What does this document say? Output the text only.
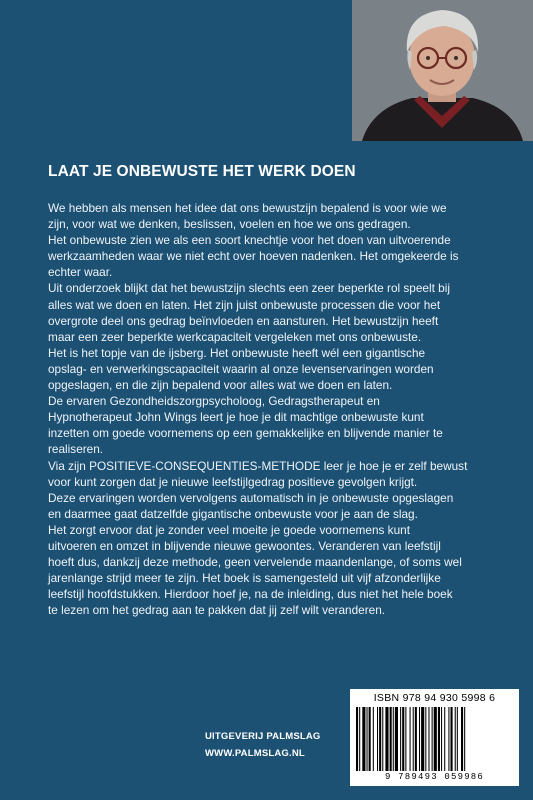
LAAT JE ONBEWUSTE HET WERK DOEN

We hebben als mensen het idee dat ons bewustzijn bepalend is voor wie we

zijn, voor wat we denken, beslissen, voelen en hoe we ons gedragen.

Het onbewuste zien we als een soort knechtje voor het doen van uitvoerende

werkzaamheden waar we niet echt over hoeven nadenken. Het omgekeerde is

echter waar.

Uit onderzoek blijkt dat het bewustzijn slechts een zeer beperkte rol speelt bij

alles wat we doen en laten. Het zijn juist onbewuste processen die voor het

overgrote deel ons gedrag beïnvloeden en aansturen. Het bewustzijn heeft

maar een zeer beperkte werkcapaciteit vergeleken met ons onbewuste.

Het is het topje van de ijsberg. Het onbewuste heeft wél een gigantische

opslag- en verwerkingscapaciteit waarin al onze levenservaringen worden

opgeslagen, en die zijn bepalend voor alles wat we doen en laten.

De ervaren Gezondheidszorgpsycholoog, Gedragstherapeut en

Hypnotherapeut John Wings leert je hoe je dit machtige onbewuste kunt

inzetten om goede voornemens op een gemakkelijke en blijvende manier te

realiseren.

Via zijn POSITIEVE-CONSEQUENTIES-METHODE leer je hoe je er zelf bewust

voor kunt zorgen dat je nieuwe leefstijlgedrag positieve gevolgen krijgt.

Deze ervaringen worden vervolgens automatisch in je onbewuste opgeslagen

en daarmee gaat datzelfde gigantische onbewuste voor je aan de slag.

Het zorgt ervoor dat je zonder veel moeite je goede voornemens kunt

uitvoeren en omzet in blijvende nieuwe gewoontes. Veranderen van leefstijl

hoeft dus, dankzij deze methode, geen vervelende maandenlange, of soms wel

jarenlange strijd meer te zijn. Het boek is samengesteld uit vijf afzonderlijke

leefstijl hoofdstukken. Hierdoor hoef je, na de inleiding, dus niet het hele boek

te lezen om het gedrag aan te pakken dat jij zelf wilt veranderen.

UITGEVERIJ PALMSLAG
WWW.PALMSLAG.NL
ISBN 978 94 930 5998 6
9 789493 059986
